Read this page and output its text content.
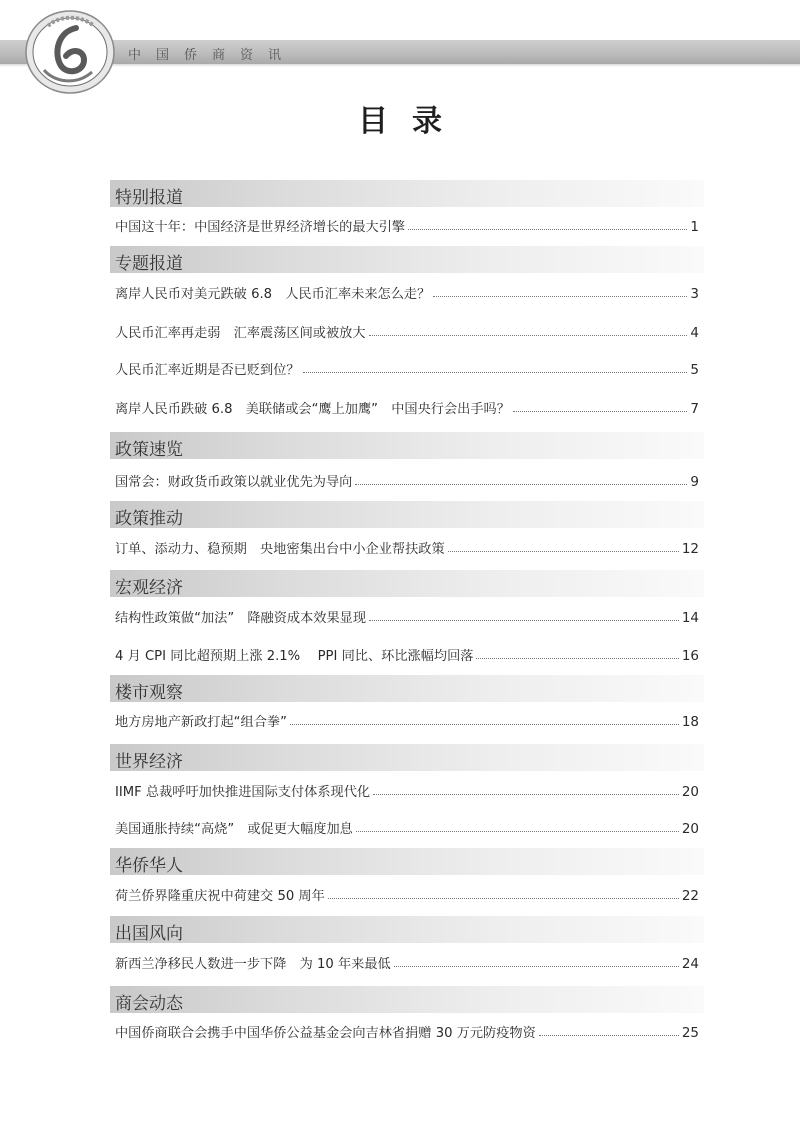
中国侨商资讯
目录
特别报道
中国这十年：中国经济是世界经济增长的最大引擎	1
专题报道
离岸人民币对美元跌破 6.8　人民币汇率未来怎么走？	3
人民币汇率再走弱　汇率震荡区间或被放大	4
人民币汇率近期是否已贬到位？	5
离岸人民币跌破 6.8　美联储或会“鹰上加鹰”　中国央行会出手吗？	7
政策速览
国常会：财政货币政策以就业优先为导向	9
政策推动
订单、添动力、稳预期　央地密集出台中小企业帮扶政策	12
宏观经济
结构性政策做“加法”　降融资成本效果显现	14
4 月 CPI 同比超预期上涨 2.1%　 PPI 同比、环比涨幅均回落	16
楼市观察
地方房地产新政打起“组合拳”	18
世界经济
IIMF 总裁呼吁加快推进国际支付体系现代化	20
美国通胀持续“高烧”　或促更大幅度加息	20
华侨华人
荷兰侨界隆重庆祝中荷建交 50 周年	22
出国风向
新西兰净移民人数进一步下降　为 10 年来最低	24
商会动态
中国侨商联合会携手中国华侨公益基金会向吉林省捐赠 30 万元防疫物资	25
